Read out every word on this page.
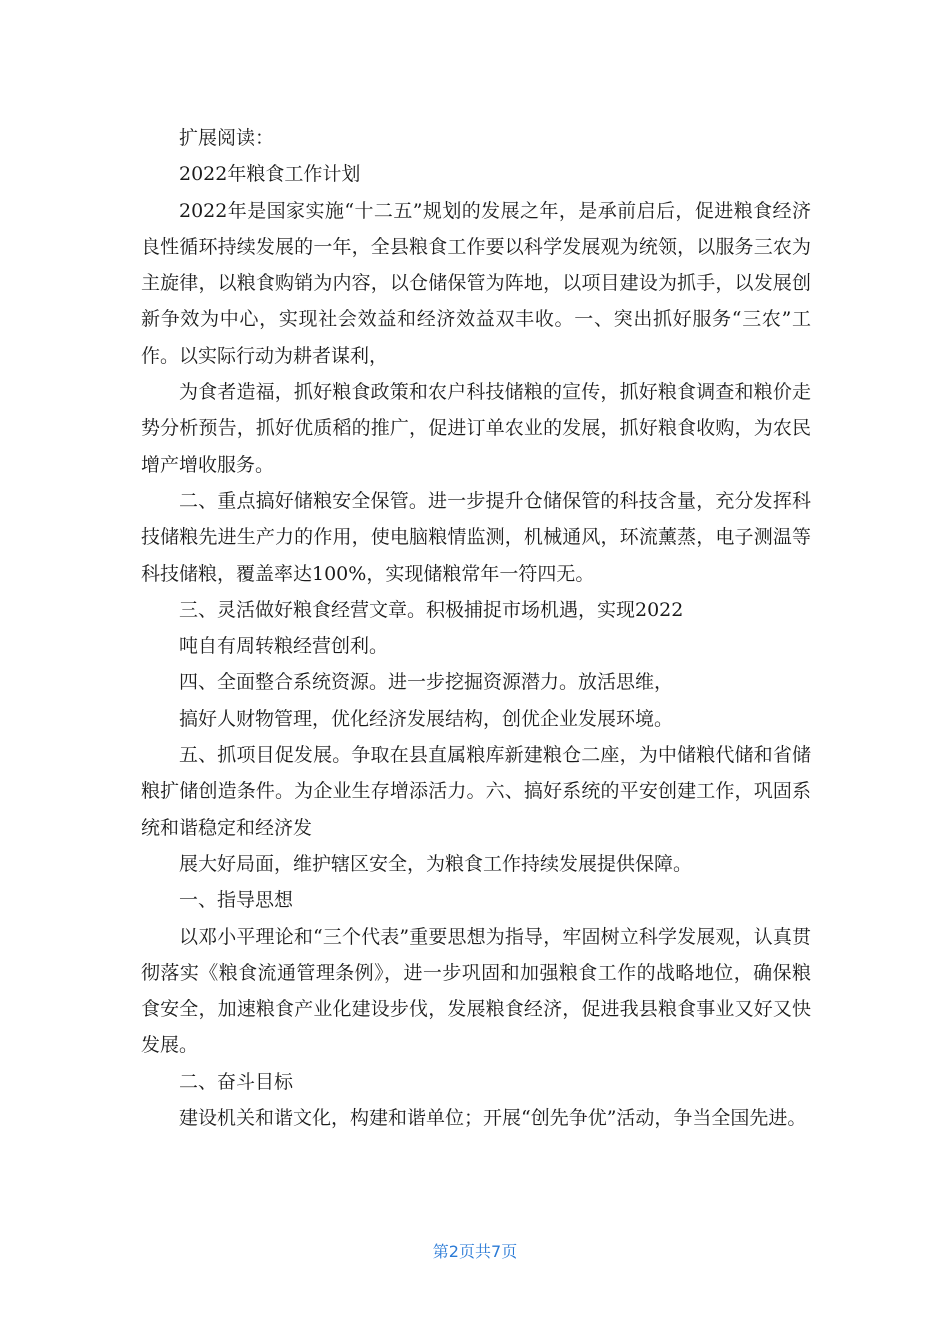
扩展阅读：

2022年粮食工作计划

2022年是国家实施“十二五”规划的发展之年，是承前启后，促进粮食经济良性循环持续发展的一年，全县粮食工作要以科学发展观为统领，以服务三农为主旋律，以粮食购销为内容，以仓储保管为阵地，以项目建设为抓手，以发展创新争效为中心，实现社会效益和经济效益双丰收。一、突出抓好服务“三农”工作。以实际行动为耕者谋利，

为食者造福，抓好粮食政策和农户科技储粮的宣传，抓好粮食调查和粮价走势分析预告，抓好优质稻的推广，促进订单农业的发展，抓好粮食收购，为农民增产增收服务。

二、重点搞好储粮安全保管。进一步提升仓储保管的科技含量，充分发挥科技储粮先进生产力的作用，使电脑粮情监测，机械通风，环流薰蒸，电子测温等科技储粮，覆盖率达100%，实现储粮常年一符四无。

三、灵活做好粮食经营文章。积极捕捉市场机遇，实现2022

吨自有周转粮经营创利。

四、全面整合系统资源。进一步挖掘资源潜力。放活思维，

搞好人财物管理，优化经济发展结构，创优企业发展环境。

五、抓项目促发展。争取在县直属粮库新建粮仓二座，为中储粮代储和省储粮扩储创造条件。为企业生存增添活力。六、搞好系统的平安创建工作，巩固系统和谐稳定和经济发

展大好局面，维护辖区安全，为粮食工作持续发展提供保障。

一、指导思想

以邓小平理论和“三个代表”重要思想为指导，牢固树立科学发展观，认真贯彻落实《粮食流通管理条例》，进一步巩固和加强粮食工作的战略地位，确保粮食安全，加速粮食产业化建设步伐，发展粮食经济，促进我县粮食事业又好又快发展。

二、奋斗目标

建设机关和谐文化，构建和谐单位；开展“创先争优”活动，争当全国先进。

第2页共7页
